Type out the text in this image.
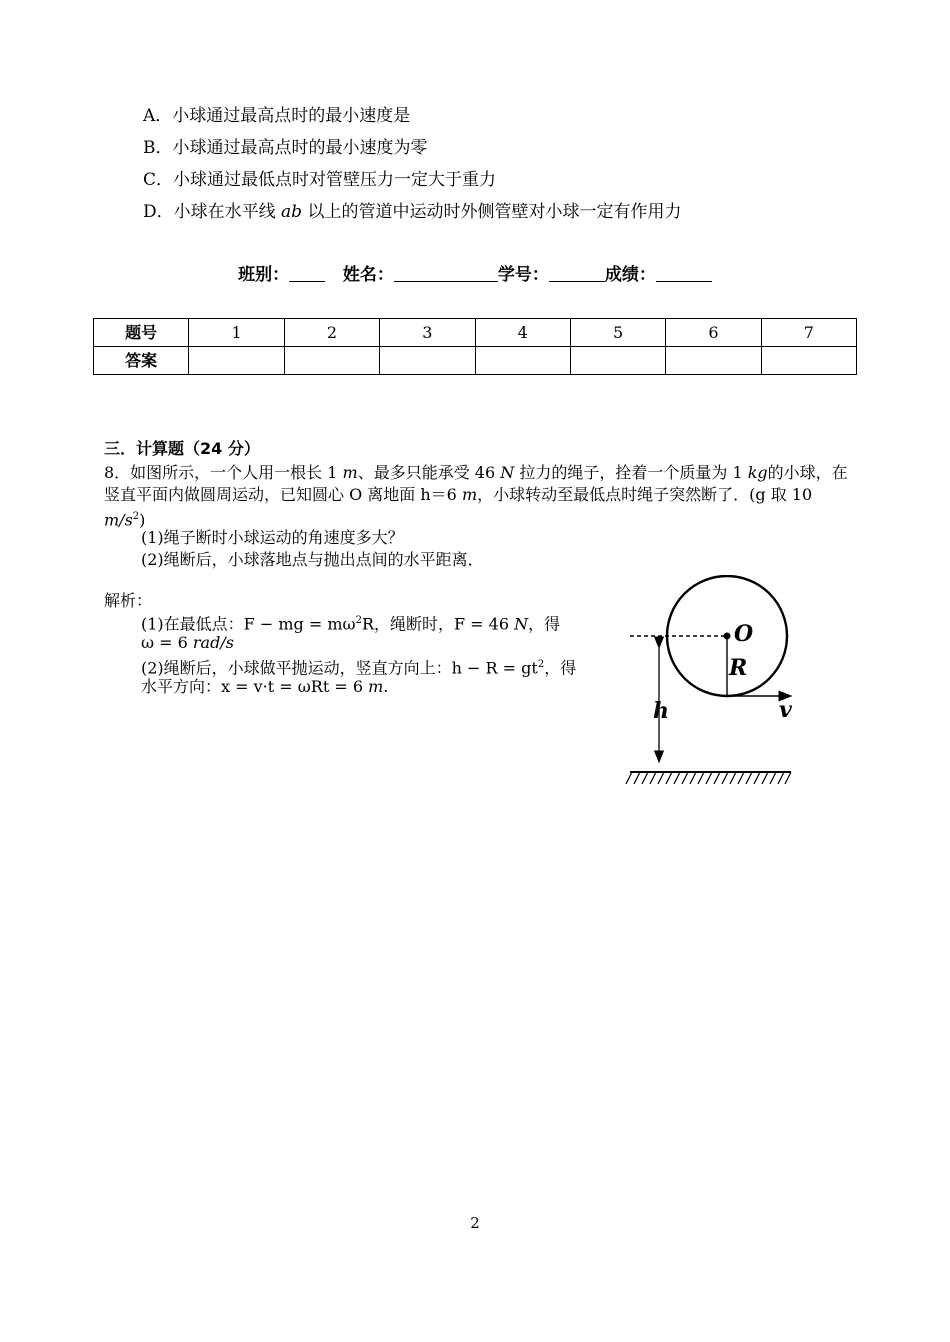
A．小球通过最高点时的最小速度是
B．小球通过最高点时的最小速度为零
C．小球通过最低点时对管壁压力一定大于重力
D．小球在水平线 ab 以上的管道中运动时外侧管壁对小球一定有作用力
班别：	姓名：	学号：	成绩：
题号	1	2	3	4	5	6	7
答案							
三．计算题（24 分）
8．如图所示，一个人用一根长 1 m、最多只能承受 46 N 拉力的绳子，拴着一个质量为 1 kg的小球，在竖直平面内做圆周运动，已知圆心 O 离地面 h＝6 m，小球转动至最低点时绳子突然断了．(g 取 10 $m/s^2$)
(1)绳子断时小球运动的角速度多大？
(2)绳断后，小球落地点与抛出点间的水平距离．
解析：
(1)在最低点：F − mg = $m\omega^2R$，绳断时，F = 46 N，得
ω = 6 rad/s
(2)绳断后，小球做平抛运动，竖直方向上：$h - R = gt^2$，得
水平方向：x = v·t = ωRt = 6 m.
O
R
v
h
2
